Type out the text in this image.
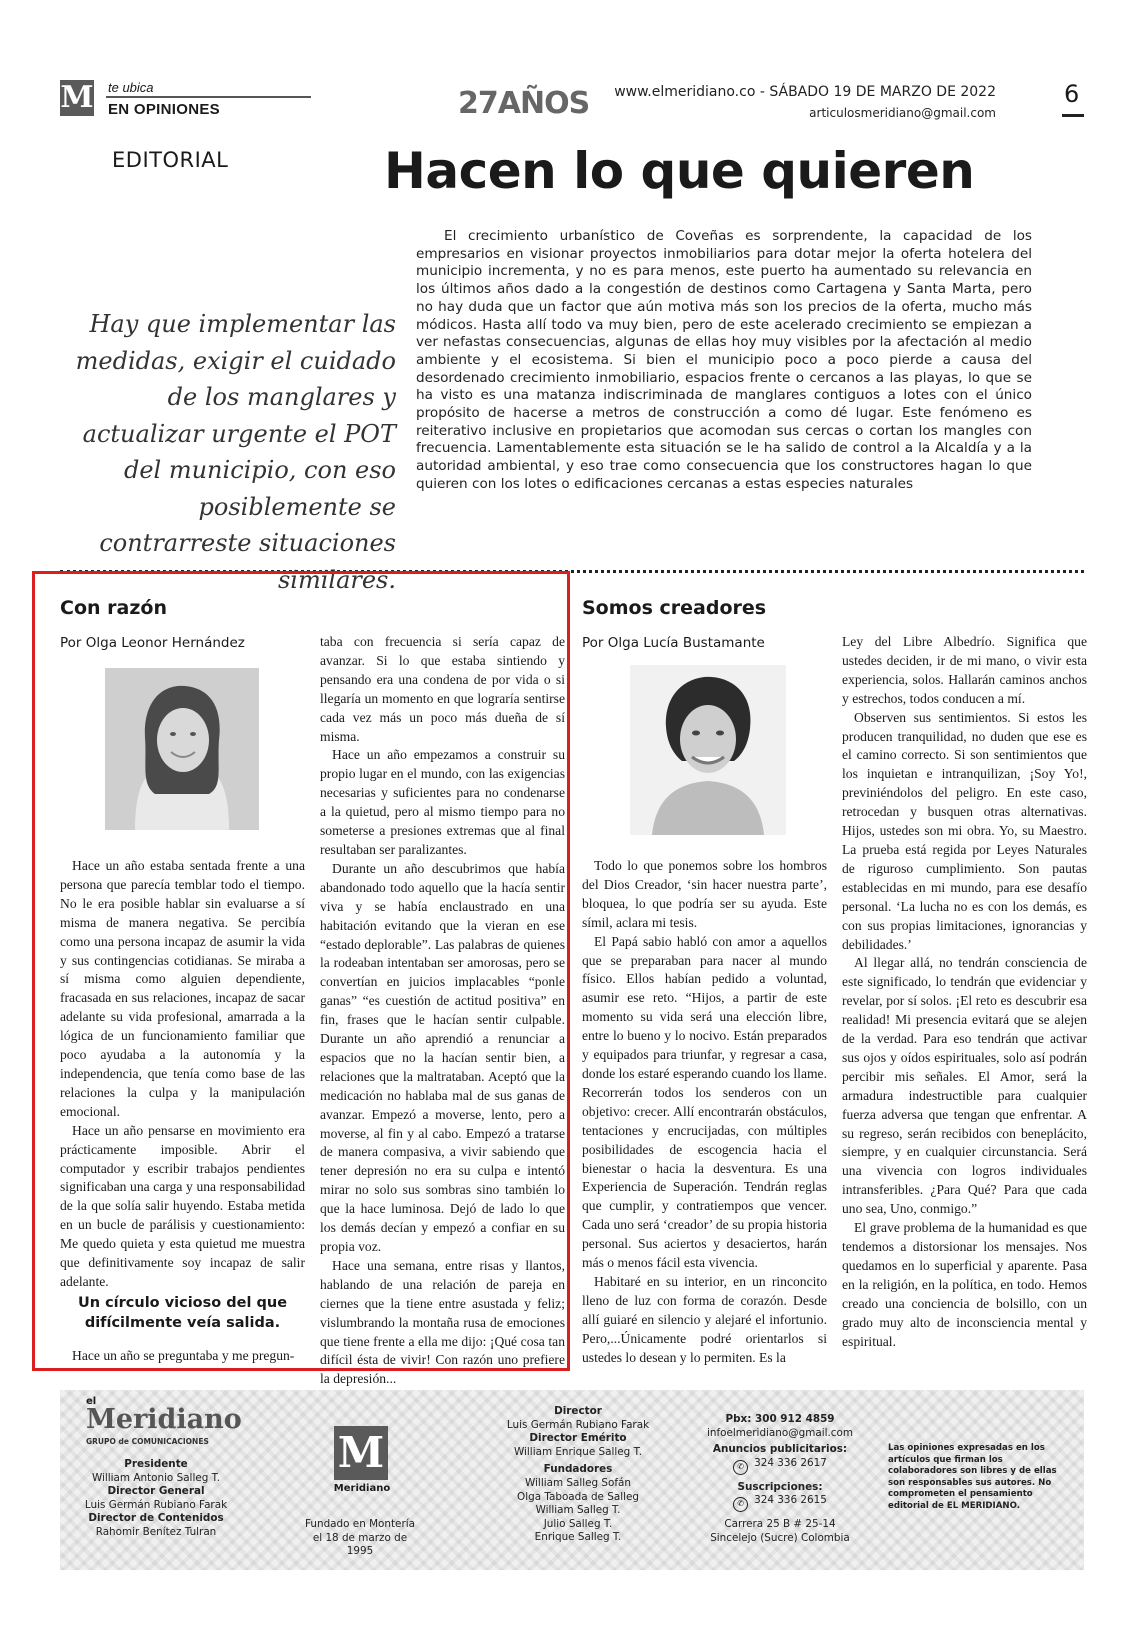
M te ubica
EN OPINIONES	27AÑOS www.elmeridiano.co - SÁBADO 19 DE MARZO DE 2022
articulosmeridiano@gmail.com
6
EDITORIAL	Hacen lo que quieren
Hay que implementar las medidas, exigir el cuidado de los manglares y actualizar urgente el POT del municipio, con eso posiblemente se contrarreste situaciones similares.
El crecimiento urbanístico de Coveñas es sorprendente, la capacidad de los empresarios en visionar proyectos inmobiliarios para dotar mejor la oferta hotelera del municipio incrementa, y no es para menos, este puerto ha aumentado su relevancia en los últimos años dado a la congestión de destinos como Cartagena y Santa Marta, pero no hay duda que un factor que aún motiva más son los precios de la oferta, mucho más módicos. Hasta allí todo va muy bien, pero de este acelerado crecimiento se empiezan a ver nefastas consecuencias, algunas de ellas hoy muy visibles por la afectación al medio ambiente y el ecosistema. Si bien el municipio poco a poco pierde a causa del desordenado crecimiento inmobiliario, espacios frente o cercanos a las playas, lo que se ha visto es una matanza indiscriminada de manglares contiguos a lotes con el único propósito de hacerse a metros de construcción a como dé lugar. Este fenómeno es reiterativo inclusive en propietarios que acomodan sus cercas o cortan los mangles con frecuencia. Lamentablemente esta situación se le ha salido de control a la Alcaldía y a la autoridad ambiental, y eso trae como consecuencia que los constructores hagan lo que quieren con los lotes o edificaciones cercanas a estas especies naturales
Con razón
Por Olga Leonor Hernández

Hace un año estaba sentada frente a una persona que parecía temblar todo el tiempo. No le era posible hablar sin evaluarse a sí misma de manera negativa. Se percibía como una persona incapaz de asumir la vida y sus contingencias cotidianas. Se miraba a sí misma como alguien dependiente, fracasada en sus relaciones, incapaz de sacar adelante su vida profesional, amarrada a la lógica de un funcionamiento familiar que poco ayudaba a la autonomía y la independencia, que tenía como base de las relaciones la culpa y la manipulación emocional.

Hace un año pensarse en movimiento era prácticamente imposible. Abrir el computador y escribir trabajos pendientes significaban una carga y una responsabilidad de la que solía salir huyendo. Estaba metida en un bucle de parálisis y cuestionamiento: Me quedo quieta y esta quietud me muestra que definitivamente soy incapaz de salir adelante.

Un círculo vicioso del que difícilmente veía salida.

Hace un año se preguntaba y me pregun-

taba con frecuencia si sería capaz de avanzar. Si lo que estaba sintiendo y pensando era una condena de por vida o si llegaría un momento en que lograría sentirse cada vez más un poco más dueña de sí misma.

Hace un año empezamos a construir su propio lugar en el mundo, con las exigencias necesarias y suficientes para no condenarse a la quietud, pero al mismo tiempo para no someterse a presiones extremas que al final resultaban ser paralizantes.

Durante un año descubrimos que había abandonado todo aquello que la hacía sentir viva y se había enclaustrado en una habitación evitando que la vieran en ese “estado deplorable”. Las palabras de quienes la rodeaban intentaban ser amorosas, pero se convertían en juicios implacables “ponle ganas” “es cuestión de actitud positiva” en fin, frases que le hacían sentir culpable. Durante un año aprendió a renunciar a espacios que no la hacían sentir bien, a relaciones que la maltrataban. Aceptó que la medicación no hablaba mal de sus ganas de avanzar. Empezó a moverse, lento, pero a moverse, al fin y al cabo. Empezó a tratarse de manera compasiva, a vivir sabiendo que tener depresión no era su culpa e intentó mirar no solo sus sombras sino también lo que la hace luminosa. Dejó de lado lo que los demás decían y empezó a confiar en su propia voz.

Hace una semana, entre risas y llantos, hablando de una relación de pareja en ciernes que la tiene entre asustada y feliz; vislumbrando la montaña rusa de emociones que tiene frente a ella me dijo: ¡Qué cosa tan difícil ésta de vivir! Con razón uno prefiere la depresión...

Somos creadores
Por Olga Lucía Bustamante

Todo lo que ponemos sobre los hombros del Dios Creador, ‘sin hacer nuestra parte’, bloquea, lo que podría ser su ayuda. Este símil, aclara mi tesis.

El Papá sabio habló con amor a aquellos que se preparaban para nacer al mundo físico. Ellos habían pedido a voluntad, asumir ese reto. “Hijos, a partir de este momento su vida será una elección libre, entre lo bueno y lo nocivo. Están preparados y equipados para triunfar, y regresar a casa, donde los estaré esperando cuando los llame. Recorrerán todos los senderos con un objetivo: crecer. Allí encontrarán obstáculos, tentaciones y encrucijadas, con múltiples posibilidades de escogencia hacia el bienestar o hacia la desventura. Es una Experiencia de Superación. Tendrán reglas que cumplir, y contratiempos que vencer. Cada uno será ‘creador’ de su propia historia personal. Sus aciertos y desaciertos, harán más o menos fácil esta vivencia.

Habitaré en su interior, en un rinconcito lleno de luz con forma de corazón. Desde allí guiaré en silencio y alejaré el infortunio. Pero,...Únicamente podré orientarlos si ustedes lo desean y lo permiten. Es la

Ley del Libre Albedrío. Significa que ustedes deciden, ir de mi mano, o vivir esta experiencia, solos. Hallarán caminos anchos y estrechos, todos conducen a mí.

Observen sus sentimientos. Si estos les producen tranquilidad, no duden que ese es el camino correcto. Si son sentimientos que los inquietan e intranquilizan, ¡Soy Yo!, previniéndolos del peligro. En este caso, retrocedan y busquen otras alternativas. Hijos, ustedes son mi obra. Yo, su Maestro. La prueba está regida por Leyes Naturales de riguroso cumplimiento. Son pautas establecidas en mi mundo, para ese desafío personal. ‘La lucha no es con los demás, es con sus propias limitaciones, ignorancias y debilidades.’

Al llegar allá, no tendrán consciencia de este significado, lo tendrán que evidenciar y revelar, por sí solos. ¡El reto es descubrir esa realidad! Mi presencia evitará que se alejen de la verdad. Para eso tendrán que activar sus ojos y oídos espirituales, solo así podrán percibir mis señales. El Amor, será la armadura indestructible para cualquier fuerza adversa que tengan que enfrentar. A su regreso, serán recibidos con beneplácito, siempre, y en cualquier circunstancia. Será una vivencia con logros individuales intransferibles. ¿Para Qué? Para que cada uno sea, Uno, conmigo.”

El grave problema de la humanidad es que tendemos a distorsionar los mensajes. Nos quedamos en lo superficial y aparente. Pasa en la religión, en la política, en todo. Hemos creado una conciencia de bolsillo, con un grado muy alto de inconsciencia mental y espiritual.

el
Meridiano
GRUPO de COMUNICACIONES
Presidente
William Antonio Salleg T.
Director General
Luis Germán Rubiano Farak
Director de Contenidos
Rahomir Benítez Tulran
M
Meridiano
Fundado en Montería el 18 de marzo de 1995
Director
Luis Germán Rubiano Farak
Director Emérito
William Enrique Salleg T.
Fundadores
William Salleg Sofán
Olga Taboada de Salleg
William Salleg T.
Julio Salleg T.
Enrique Salleg T.
Pbx: 300 912 4859
infoelmeridiano@gmail.com
Anuncios publicitarios:
✆ 324 336 2617
Suscripciones:
✆ 324 336 2615
Carrera 25 B # 25-14
Sincelejo (Sucre) Colombia
Las opiniones expresadas en los artículos que firman los colaboradores son libres y de ellas son responsables sus autores. No comprometen el pensamiento editorial de EL MERIDIANO.
